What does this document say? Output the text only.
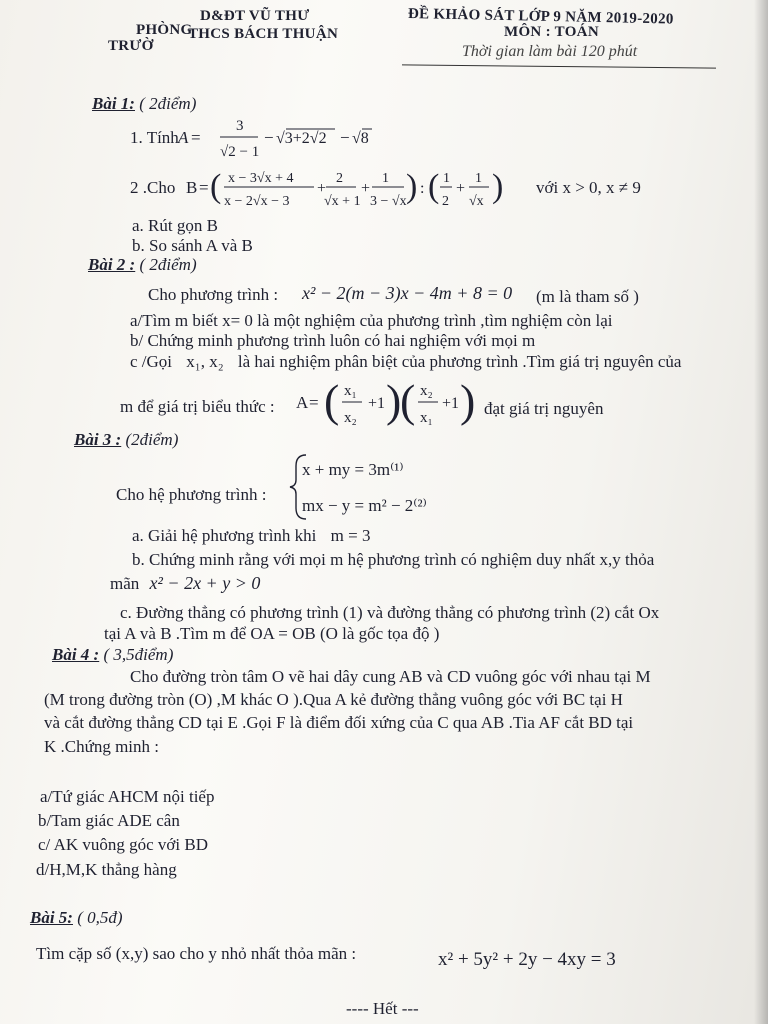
D&ĐT VŨ THƯ
PHÒNG
THCS BÁCH THUẬN
TRƯỜ
ĐỀ KHẢO SÁT LỚP 9 NĂM 2019-2020
MÔN : TOÁN
Thời gian làm bài 120 phút
Bài 1: ( 2điểm)
1. Tính A =
3
√2 − 1
− √3+2√2 − √8
2 .Cho B = ( x − 3√x + 4
x − 2√x − 3
+
2
√x + 1
+
1
3 − √x ) : ( 1
2
+
1
√x ) với x > 0, x ≠ 9
a. Rút gọn B
b. So sánh A và B
Bài 2 : ( 2điểm)
Cho phương trình : x² − 2(m − 3)x − 4m + 8 = 0 (m là tham số )
a/Tìm m biết x= 0 là một nghiệm của phương trình ,tìm nghiệm còn lại
b/ Chứng minh phương trình luôn có hai nghiệm với mọi m
c /Gọi x₁, x₂ là hai nghiệm phân biệt của phương trình .Tìm giá trị nguyên của
m để giá trị biểu thức : A = ( x₁
x₂
+1 )
( x₂
x₁
+1 ) đạt giá trị nguyên
Bài 3 : (2điểm)
Cho hệ phương trình :
x + my = 3m⁽¹⁾
mx − y = m² − 2⁽²⁾
a. Giải hệ phương trình khi m = 3
b. Chứng minh rằng với mọi m hệ phương trình có nghiệm duy nhất x,y thỏa
mãn x² − 2x + y > 0
c. Đường thẳng có phương trình (1) và đường thẳng có phương trình (2) cắt Ox
tại A và B .Tìm m để OA = OB (O là gốc tọa độ )
Bài 4 : ( 3,5điểm)
Cho đường tròn tâm O vẽ hai dây cung AB và CD vuông góc với nhau tại M
(M trong đường tròn (O) ,M khác O ).Qua A kẻ đường thẳng vuông góc với BC tại H
và cắt đường thẳng CD tại E .Gọi F là điểm đối xứng của C qua AB .Tia AF cắt BD tại
K .Chứng minh :
a/Tứ giác AHCM nội tiếp
b/Tam giác ADE cân
c/ AK vuông góc với BD
d/H,M,K thẳng hàng
Bài 5: ( 0,5đ)
Tìm cặp số (x,y) sao cho y nhỏ nhất thỏa mãn :	x² + 5y² + 2y − 4xy = 3
---- Hết ---
